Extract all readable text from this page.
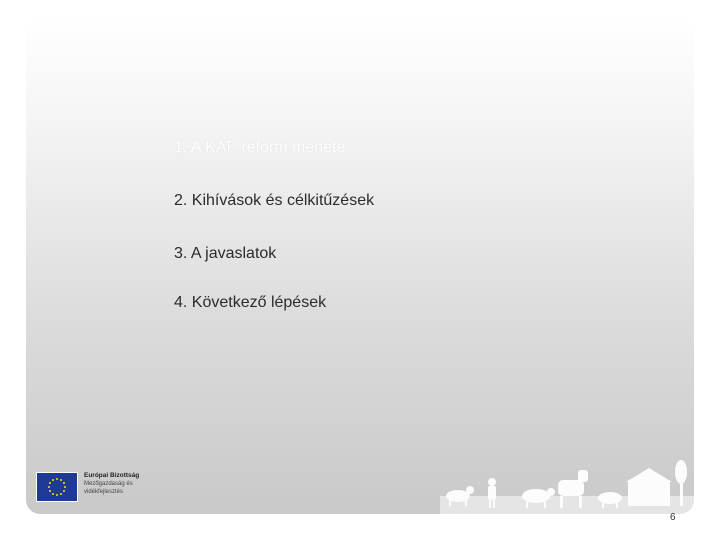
1. A KAP reform menete
2. Kihívások és célkitűzések
3. A javaslatok
4. Következő lépések
Európai Bizottság
Mezőgazdaság és
vidékfejlesztés
6
